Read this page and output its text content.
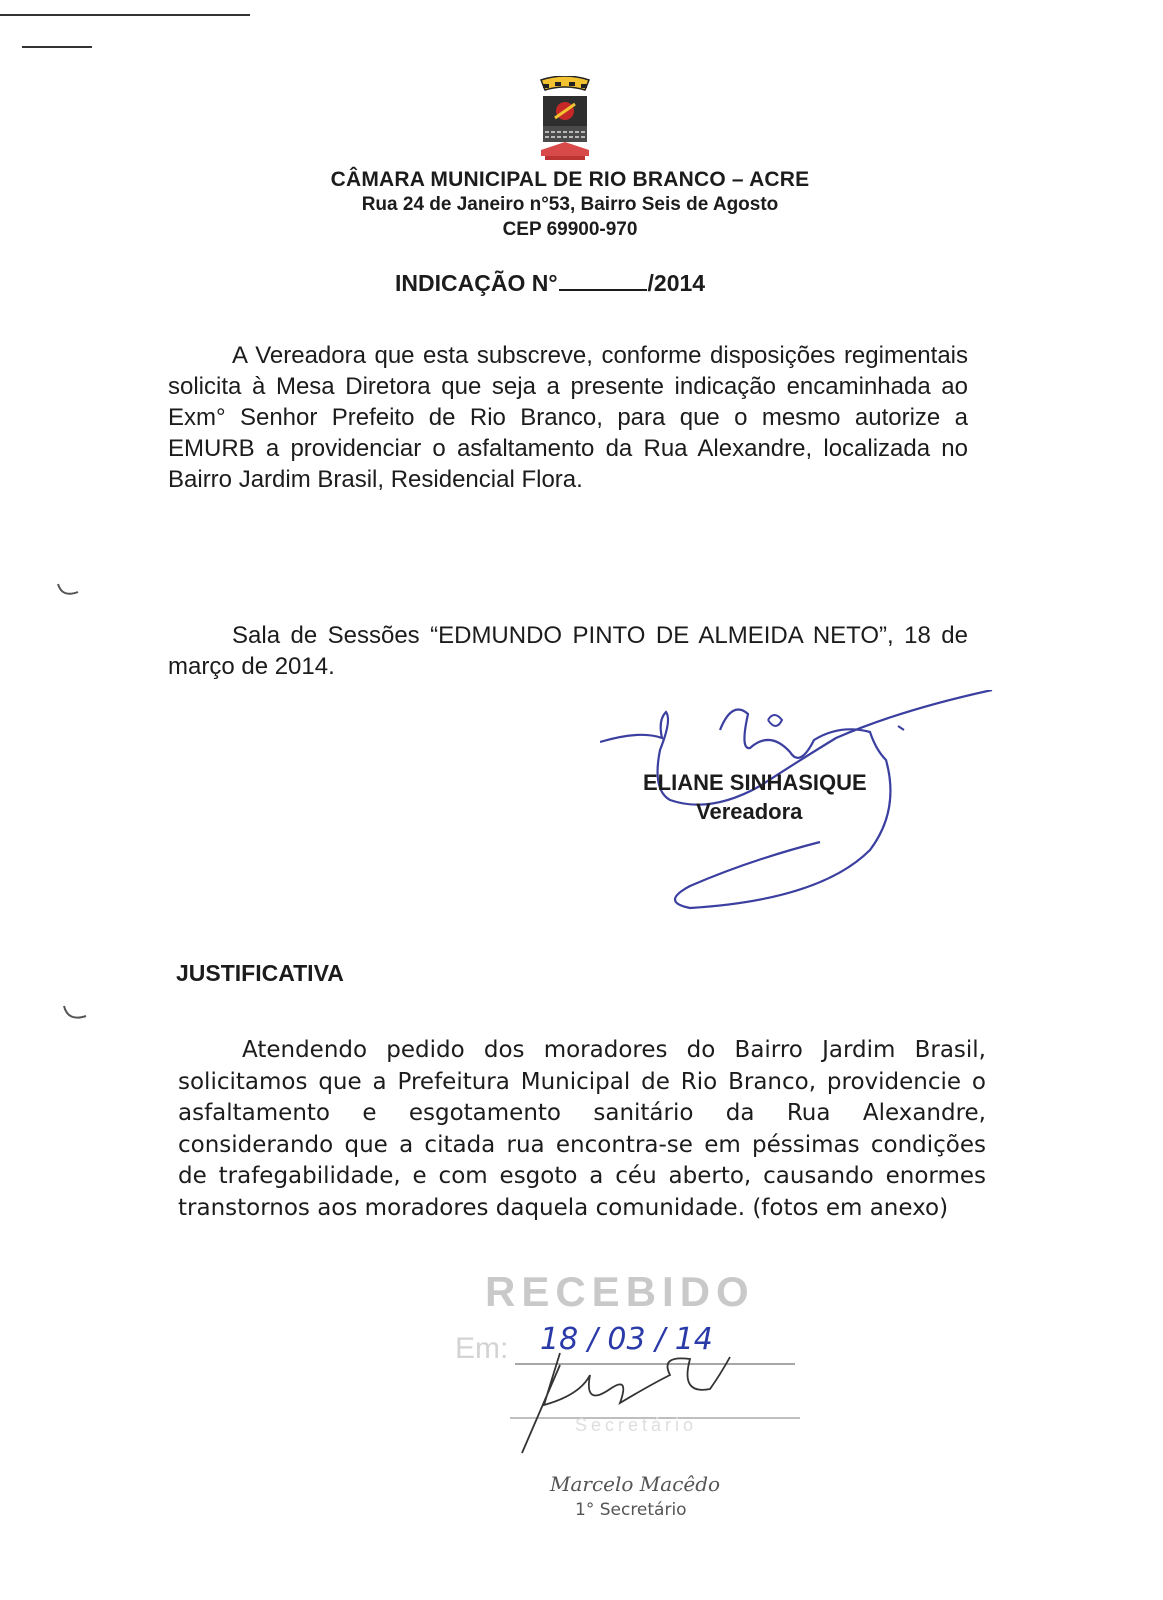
CÂMARA MUNICIPAL DE RIO BRANCO – ACRE
Rua 24 de Janeiro n°53, Bairro Seis de Agosto
CEP 69900-970
INDICAÇÃO N°	/2014

A Vereadora que esta subscreve, conforme disposições regimentais solicita à Mesa Diretora que seja a presente indicação encaminhada ao Exm° Senhor Prefeito de Rio Branco, para que o mesmo autorize a EMURB a providenciar o asfaltamento da Rua Alexandre, localizada no Bairro Jardim Brasil, Residencial Flora.

Sala de Sessões “EDMUNDO PINTO DE ALMEIDA NETO”, 18 de março de 2014.

ELIANE SINHASIQUE
Vereadora
JUSTIFICATIVA

Atendendo pedido dos moradores do Bairro Jardim Brasil, solicitamos que a Prefeitura Municipal de Rio Branco, providencie o asfaltamento e esgotamento sanitário da Rua Alexandre, considerando que a citada rua encontra-se em péssimas condições de trafegabilidade, e com esgoto a céu aberto, causando enormes transtornos aos moradores daquela comunidade. (fotos em anexo)

RECEBIDO
Em: 18 / 03 / 14
Secretário
Marcelo Macêdo
1° Secretário
